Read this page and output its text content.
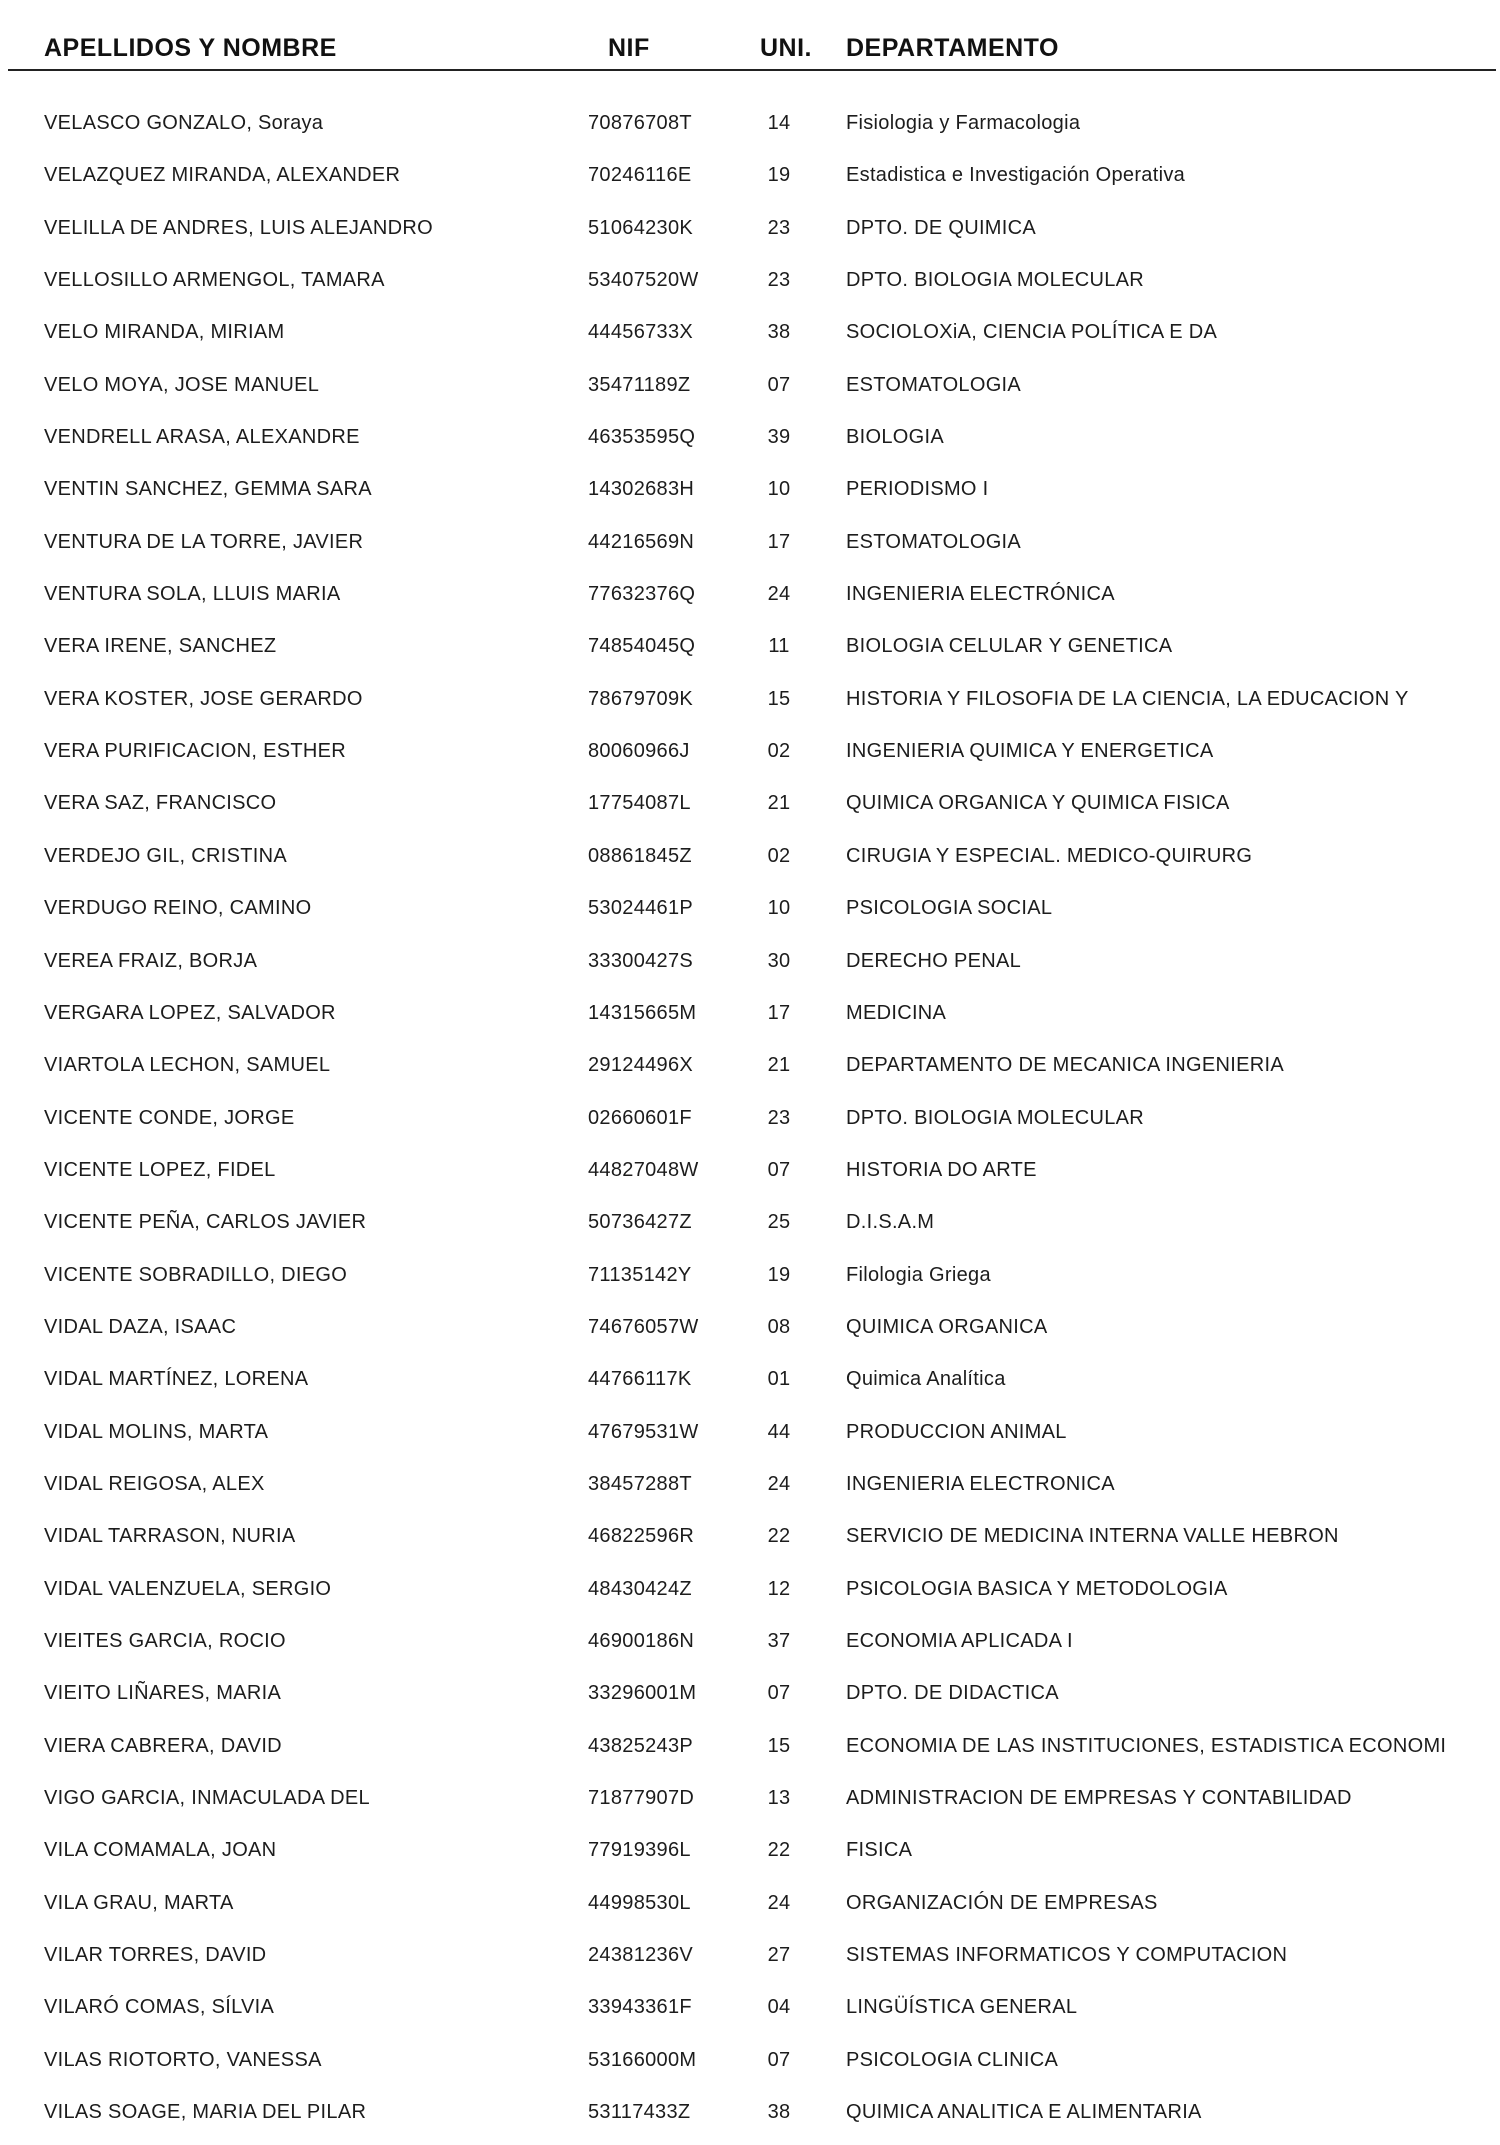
APELLIDOS Y NOMBRE	NIF	UNI. DEPARTAMENTO
VELASCO GONZALO, Soraya	70876708T	14	Fisiologia y Farmacologia
VELAZQUEZ MIRANDA, ALEXANDER	70246116E	19	Estadistica e Investigación Operativa
VELILLA DE ANDRES, LUIS ALEJANDRO	51064230K	23	DPTO. DE QUIMICA
VELLOSILLO ARMENGOL, TAMARA	53407520W	23	DPTO. BIOLOGIA MOLECULAR
VELO MIRANDA, MIRIAM	44456733X	38	SOCIOLOXiA, CIENCIA POLÍTICA E DA
VELO MOYA, JOSE MANUEL	35471189Z	07	ESTOMATOLOGIA
VENDRELL ARASA, ALEXANDRE	46353595Q	39	BIOLOGIA
VENTIN SANCHEZ, GEMMA SARA	14302683H	10	PERIODISMO I
VENTURA DE LA TORRE, JAVIER	44216569N	17	ESTOMATOLOGIA
VENTURA SOLA, LLUIS MARIA	77632376Q	24	INGENIERIA ELECTRÓNICA
VERA IRENE, SANCHEZ	74854045Q	11	BIOLOGIA CELULAR Y GENETICA
VERA KOSTER, JOSE GERARDO	78679709K	15	HISTORIA Y FILOSOFIA DE LA CIENCIA, LA EDUCACION Y
VERA PURIFICACION, ESTHER	80060966J	02	INGENIERIA QUIMICA Y ENERGETICA
VERA SAZ, FRANCISCO	17754087L	21	QUIMICA ORGANICA Y QUIMICA FISICA
VERDEJO GIL, CRISTINA	08861845Z	02	CIRUGIA Y ESPECIAL. MEDICO-QUIRURG
VERDUGO REINO, CAMINO	53024461P	10	PSICOLOGIA SOCIAL
VEREA FRAIZ, BORJA	33300427S	30	DERECHO PENAL
VERGARA LOPEZ, SALVADOR	14315665M	17	MEDICINA
VIARTOLA LECHON, SAMUEL	29124496X	21	DEPARTAMENTO DE MECANICA INGENIERIA
VICENTE CONDE, JORGE	02660601F	23	DPTO. BIOLOGIA MOLECULAR
VICENTE LOPEZ, FIDEL	44827048W	07	HISTORIA DO ARTE
VICENTE PEÑA, CARLOS JAVIER	50736427Z	25	D.I.S.A.M
VICENTE SOBRADILLO, DIEGO	71135142Y	19	Filologia Griega
VIDAL DAZA, ISAAC	74676057W	08	QUIMICA ORGANICA
VIDAL MARTÍNEZ, LORENA	44766117K	01	Quimica Analítica
VIDAL MOLINS, MARTA	47679531W	44	PRODUCCION ANIMAL
VIDAL REIGOSA, ALEX	38457288T	24	INGENIERIA ELECTRONICA
VIDAL TARRASON, NURIA	46822596R	22	SERVICIO DE MEDICINA INTERNA VALLE HEBRON
VIDAL VALENZUELA, SERGIO	48430424Z	12	PSICOLOGIA BASICA Y METODOLOGIA
VIEITES GARCIA, ROCIO	46900186N	37	ECONOMIA APLICADA I
VIEITO LIÑARES, MARIA	33296001M	07	DPTO. DE DIDACTICA
VIERA CABRERA, DAVID	43825243P	15	ECONOMIA DE LAS INSTITUCIONES, ESTADISTICA ECONOMI
VIGO GARCIA, INMACULADA DEL	71877907D	13	ADMINISTRACION DE EMPRESAS Y CONTABILIDAD
VILA COMAMALA, JOAN	77919396L	22	FISICA
VILA GRAU, MARTA	44998530L	24	ORGANIZACIÓN DE EMPRESAS
VILAR TORRES, DAVID	24381236V	27	SISTEMAS INFORMATICOS Y COMPUTACION
VILARÓ COMAS, SÍLVIA	33943361F	04	LINGÜÍSTICA GENERAL
VILAS RIOTORTO, VANESSA	53166000M	07	PSICOLOGIA CLINICA
VILAS SOAGE, MARIA DEL PILAR	53117433Z	38	QUIMICA ANALITICA E ALIMENTARIA
